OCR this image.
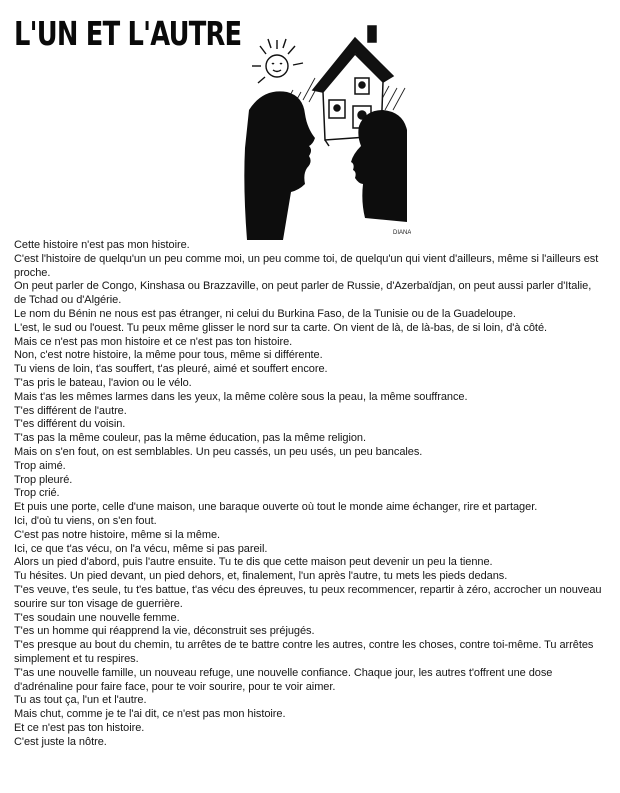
L'UN ET L'AUTRE
DIANA
Cette histoire n'est pas mon histoire.
C'est l'histoire de quelqu'un un peu comme moi, un peu comme toi, de quelqu'un qui vient d'ailleurs, même si l'ailleurs est proche.
On peut parler de Congo, Kinshasa ou Brazzaville, on peut parler de Russie, d'Azerbaïdjan, on peut aussi parler d'Italie, de Tchad ou d'Algérie.
Le nom du Bénin ne nous est pas étranger, ni celui du Burkina Faso, de la Tunisie ou de la Guadeloupe.
L'est, le sud ou l'ouest. Tu peux même glisser le nord sur ta carte. On vient de là, de là-bas, de si loin, d'à côté.
Mais ce n'est pas mon histoire et ce n'est pas ton histoire.
Non, c'est notre histoire, la même pour tous, même si différente.
Tu viens de loin, t'as souffert, t'as pleuré, aimé et souffert encore.
T'as pris le bateau, l'avion ou le vélo.
Mais t'as les mêmes larmes dans les yeux, la même colère sous la peau, la même souffrance.
T'es différent de l'autre.
T'es différent du voisin.
T'as pas la même couleur, pas la même éducation, pas la même religion.
Mais on s'en fout, on est semblables. Un peu cassés, un peu usés, un peu bancales.
Trop aimé.
Trop pleuré.
Trop crié.
Et puis une porte, celle d'une maison, une baraque ouverte où tout le monde aime échanger, rire et partager.
Ici, d'où tu viens, on s'en fout.
C'est pas notre histoire, même si la même.
Ici, ce que t'as vécu, on l'a vécu, même si pas pareil.
Alors un pied d'abord, puis l'autre ensuite. Tu te dis que cette maison peut devenir un peu la tienne.
Tu hésites. Un pied devant, un pied dehors, et, finalement, l'un après l'autre, tu mets les pieds dedans.
T'es veuve, t'es seule, tu t'es battue, t'as vécu des épreuves, tu peux recommencer, repartir à zéro, accrocher un nouveau sourire sur ton visage de guerrière.
T'es soudain une nouvelle femme.
T'es un homme qui réapprend la vie, déconstruit ses préjugés.
T'es presque au bout du chemin, tu arrêtes de te battre contre les autres, contre les choses, contre toi-même. Tu arrêtes simplement et tu respires.
T'as une nouvelle famille, un nouveau refuge, une nouvelle confiance. Chaque jour, les autres t'offrent une dose d'adrénaline pour faire face, pour te voir sourire, pour te voir aimer.
Tu as tout ça, l'un et l'autre.
Mais chut, comme je te l'ai dit, ce n'est pas mon histoire.
Et ce n'est pas ton histoire.
C'est juste la nôtre.
